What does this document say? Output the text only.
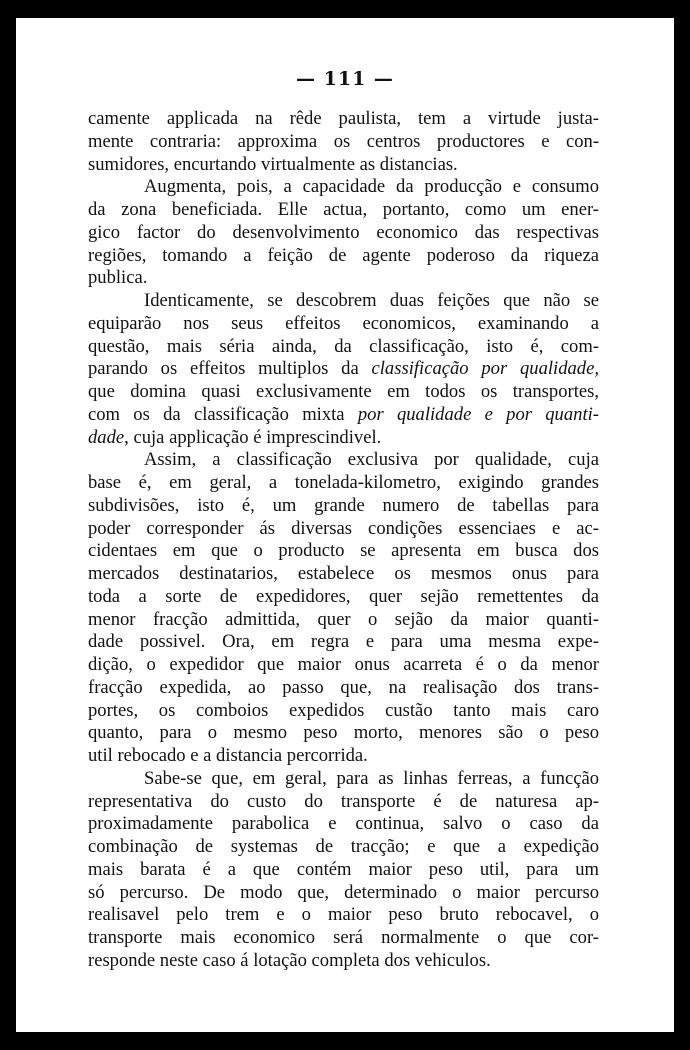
— 111 —
camente applicada na rêde paulista, tem a virtude justa-
mente contraria: approxima os centros productores e con-
sumidores, encurtando virtualmente as distancias.
Augmenta, pois, a capacidade da producção e consumo
da zona beneficiada. Elle actua, portanto, como um ener-
gico factor do desenvolvimento economico das respectivas
regiões, tomando a feição de agente poderoso da riqueza
publica.
Identicamente, se descobrem duas feições que não se
equiparão nos seus effeitos economicos, examinando a
questão, mais séria ainda, da classificação, isto é, com-
parando os effeitos multiplos da classificação por qualidade,
que domina quasi exclusivamente em todos os transportes,
com os da classificação mixta por qualidade e por quanti-
dade, cuja applicação é imprescindivel.
Assim, a classificação exclusiva por qualidade, cuja
base é, em geral, a tonelada-kilometro, exigindo grandes
subdivisões, isto é, um grande numero de tabellas para
poder corresponder ás diversas condições essenciaes e ac-
cidentaes em que o producto se apresenta em busca dos
mercados destinatarios, estabelece os mesmos onus para
toda a sorte de expedidores, quer sejão remettentes da
menor fracção admittida, quer o sejão da maior quanti-
dade possivel. Ora, em regra e para uma mesma expe-
dição, o expedidor que maior onus acarreta é o da menor
fracção expedida, ao passo que, na realisação dos trans-
portes, os comboios expedidos custão tanto mais caro
quanto, para o mesmo peso morto, menores são o peso
util rebocado e a distancia percorrida.
Sabe-se que, em geral, para as linhas ferreas, a funcção
representativa do custo do transporte é de naturesa ap-
proximadamente parabolica e continua, salvo o caso da
combinação de systemas de tracção; e que a expedição
mais barata é a que contém maior peso util, para um
só percurso. De modo que, determinado o maior percurso
realisavel pelo trem e o maior peso bruto rebocavel, o
transporte mais economico será normalmente o que cor-
responde neste caso á lotação completa dos vehiculos.
